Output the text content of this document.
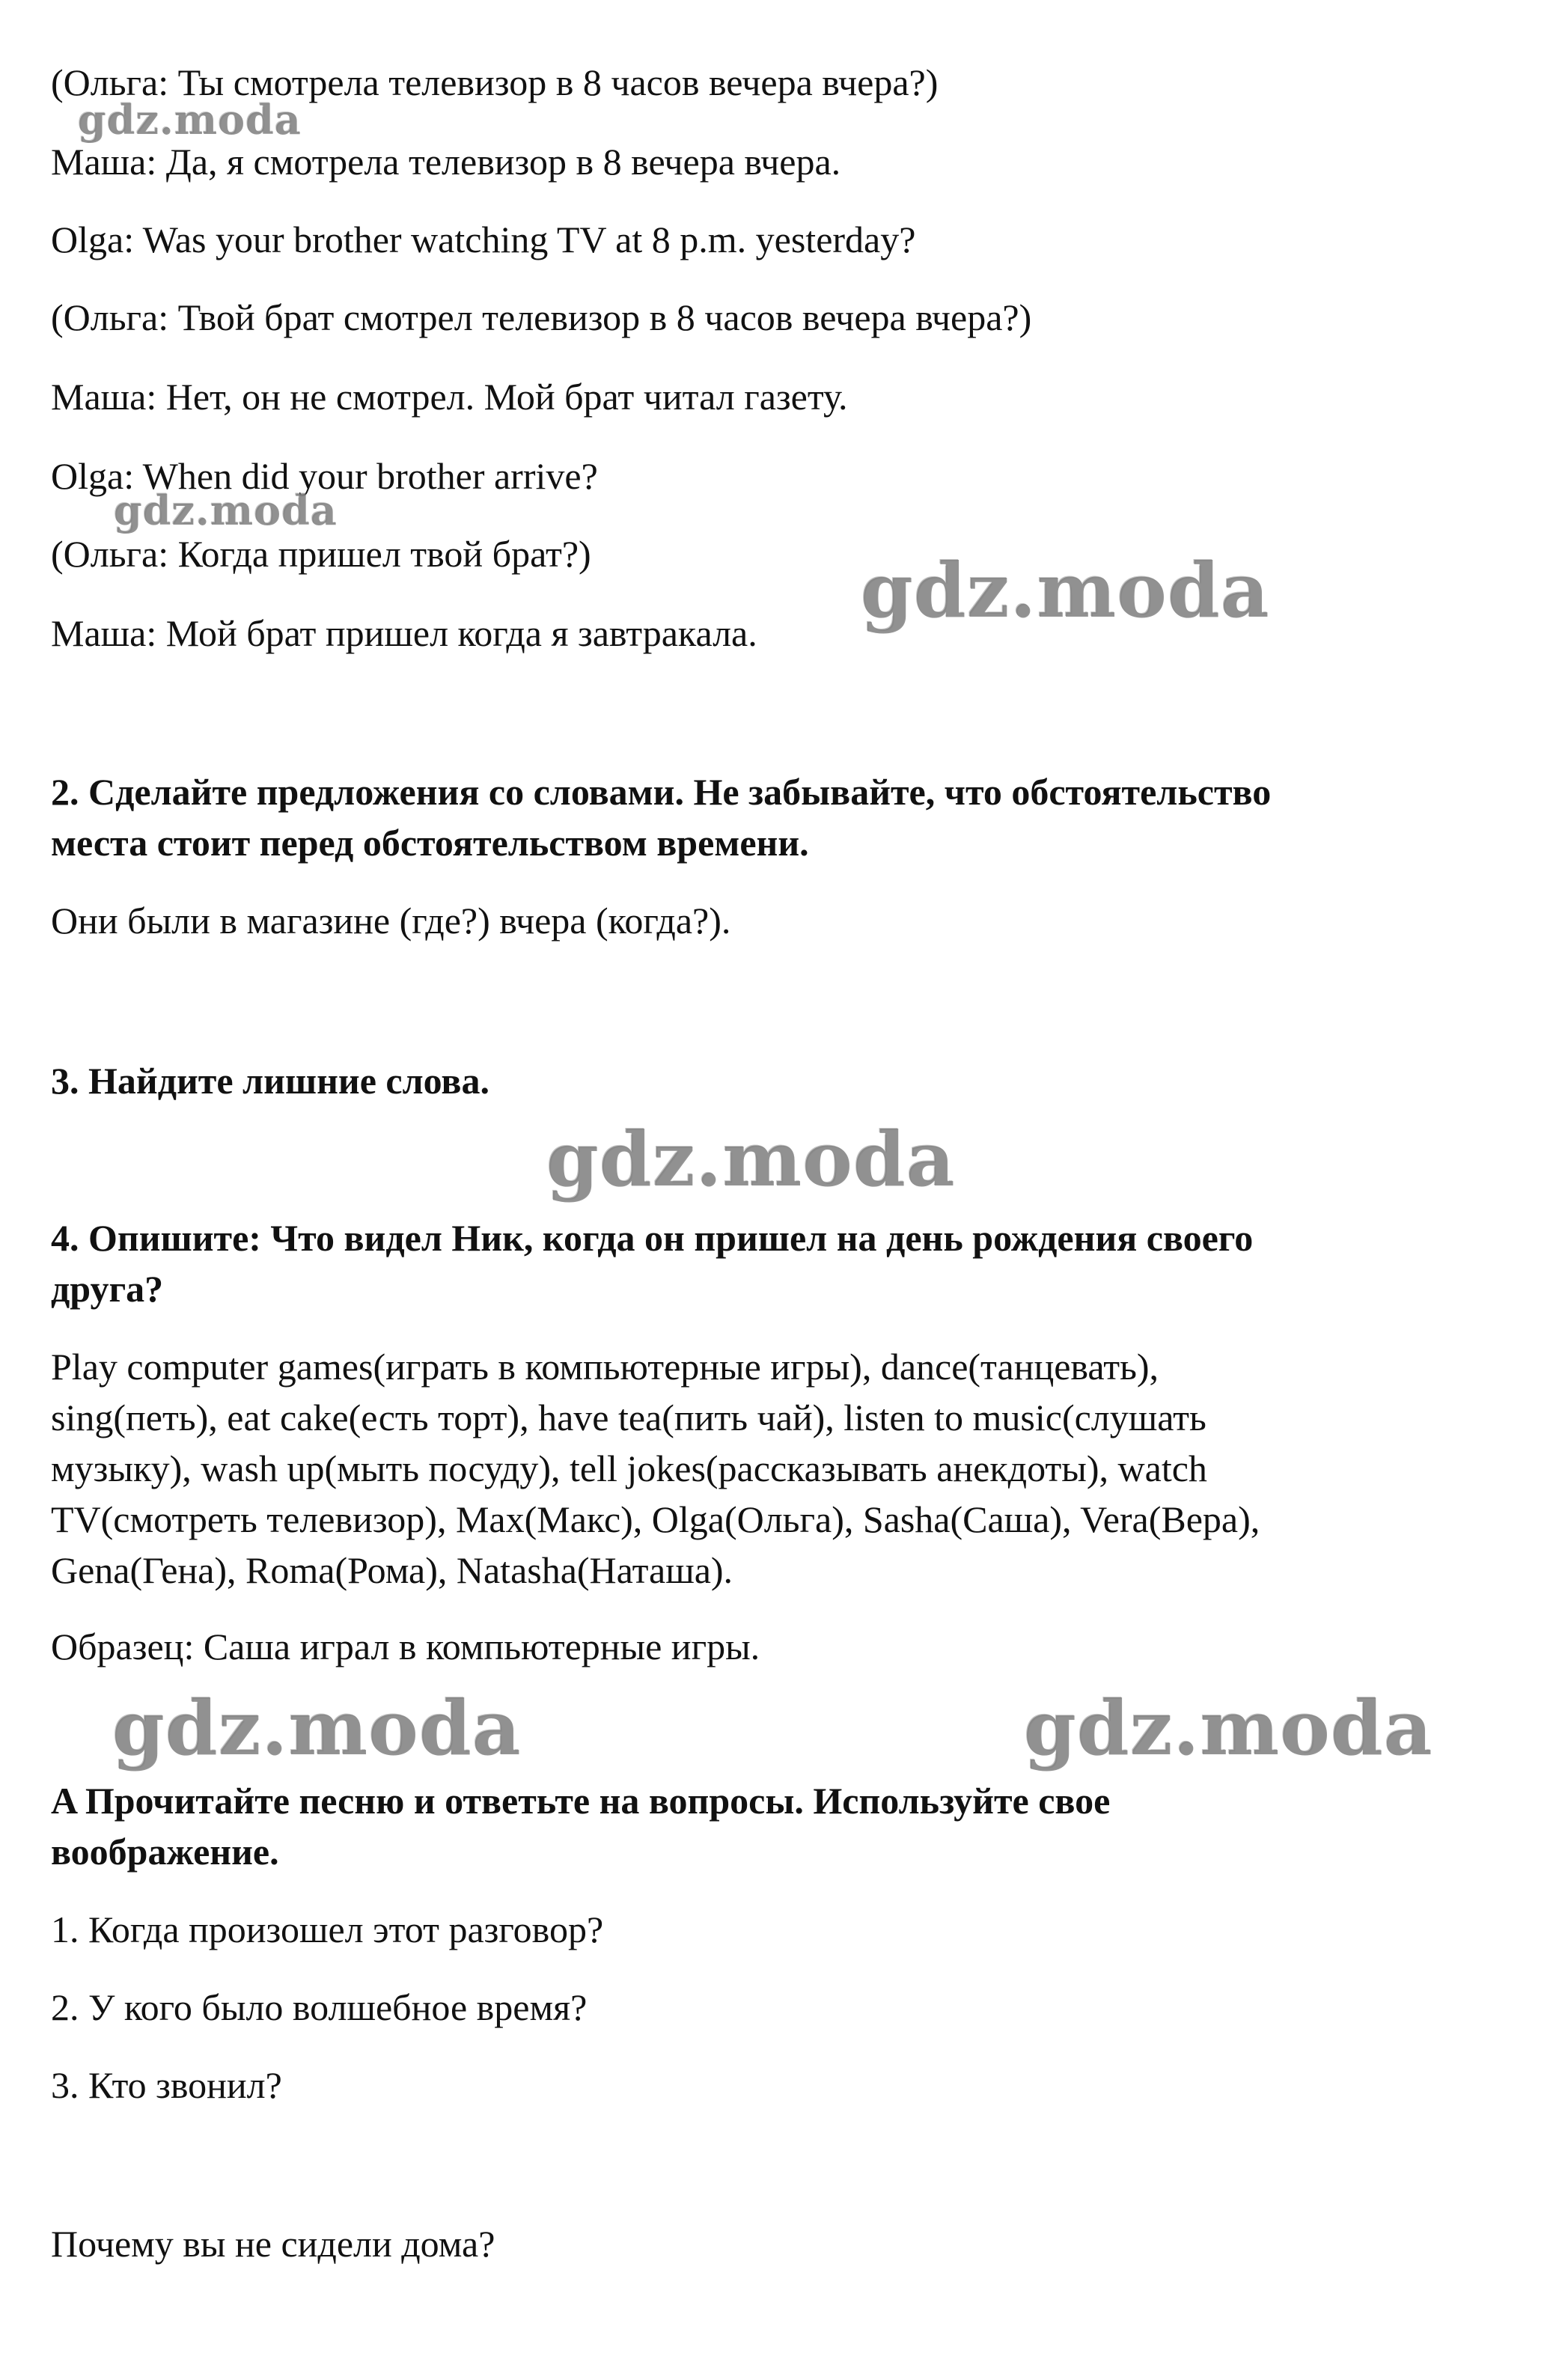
(Ольга: Ты смотрела телевизор в 8 часов вечера вчера?)

Маша: Да, я смотрела телевизор в 8 вечера вчера.

Olga: Was your brother watching TV at 8 p.m. yesterday?

(Ольга: Твой брат смотрел телевизор в 8 часов вечера вчера?)

Маша: Нет, он не смотрел. Мой брат читал газету.

Olga: When did your brother arrive?

(Ольга: Когда пришел твой брат?)

Маша: Мой брат пришел когда я завтракала.

2. Сделайте предложения со словами. Не забывайте, что обстоятельство

места стоит перед обстоятельством времени.

Они были в магазине (где?) вчера (когда?).

3. Найдите лишние слова.

4. Опишите: Что видел Ник, когда он пришел на день рождения своего

друга?

Play computer games(играть в компьютерные игры), dance(танцевать),

sing(петь), eat cake(есть торт), have tea(пить чай), listen to music(слушать

музыку), wash up(мыть посуду), tell jokes(рассказывать анекдоты), watch

TV(смотреть телевизор), Max(Макс), Olga(Ольга), Sasha(Саша), Vera(Вера),

Gena(Гена), Roma(Рома), Natasha(Наташа).

Образец: Саша играл в компьютерные игры.

A Прочитайте песню и ответьте на вопросы. Используйте свое

воображение.

1. Когда произошел этот разговор?

2. У кого было волшебное время?

3. Кто звонил?

Почему вы не сидели дома?

gdz.moda
gdz.moda
gdz.moda
gdz.moda
gdz.moda	gdz.moda
